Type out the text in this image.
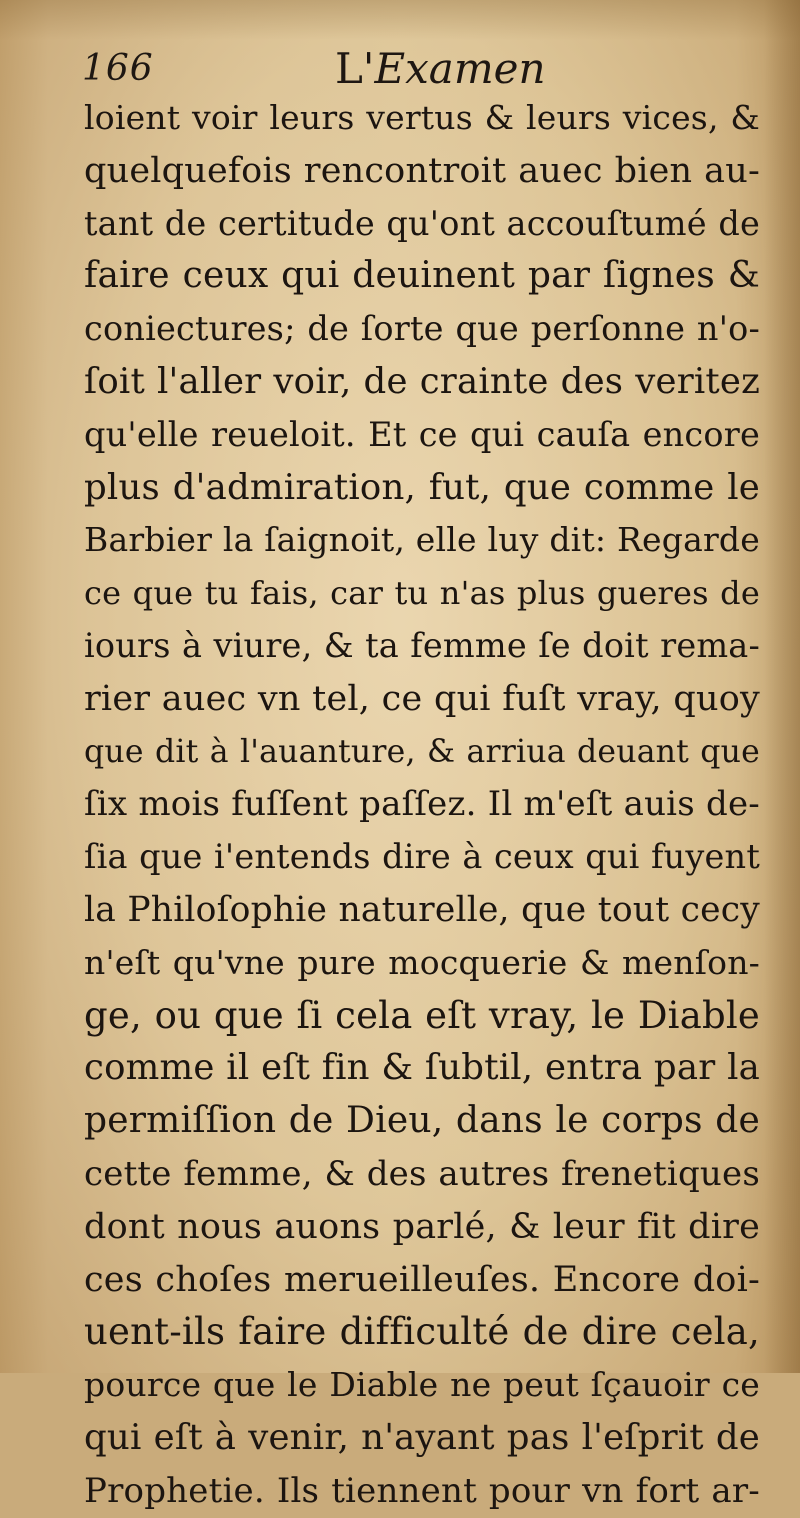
166	L'Examen
loient voir leurs vertus & leurs vices, &
quelquefois rencontroit auec bien au-
tant de certitude qu'ont accouſtumé de
faire ceux qui deuinent par ſignes &
coniectures; de ſorte que perſonne n'o-
ſoit l'aller voir, de crainte des veritez
qu'elle reueloit. Et ce qui cauſa encore
plus d'admiration, fut, que comme le
Barbier la ſaignoit, elle luy dit: Regarde
ce que tu fais, car tu n'as plus gueres de
iours à viure, & ta femme ſe doit rema-
rier auec vn tel, ce qui fuſt vray, quoy
que dit à l'auanture, & arriua deuant que
ſix mois fuſſent paſſez. Il m'eſt auis de-
ſia que i'entends dire à ceux qui fuyent
la Philoſophie naturelle, que tout cecy
n'eſt qu'vne pure mocquerie & menſon-
ge, ou que ſi cela eſt vray, le Diable
comme il eſt fin & ſubtil, entra par la
permiſſion de Dieu, dans le corps de
cette femme, & des autres frenetiques
dont nous auons parlé, & leur fit dire
ces choſes merueilleuſes. Encore doi-
uent-ils faire difficulté de dire cela,
pource que le Diable ne peut ſçauoir ce
qui eſt à venir, n'ayant pas l'eſprit de
Prophetie. Ils tiennent pour vn fort ar-
